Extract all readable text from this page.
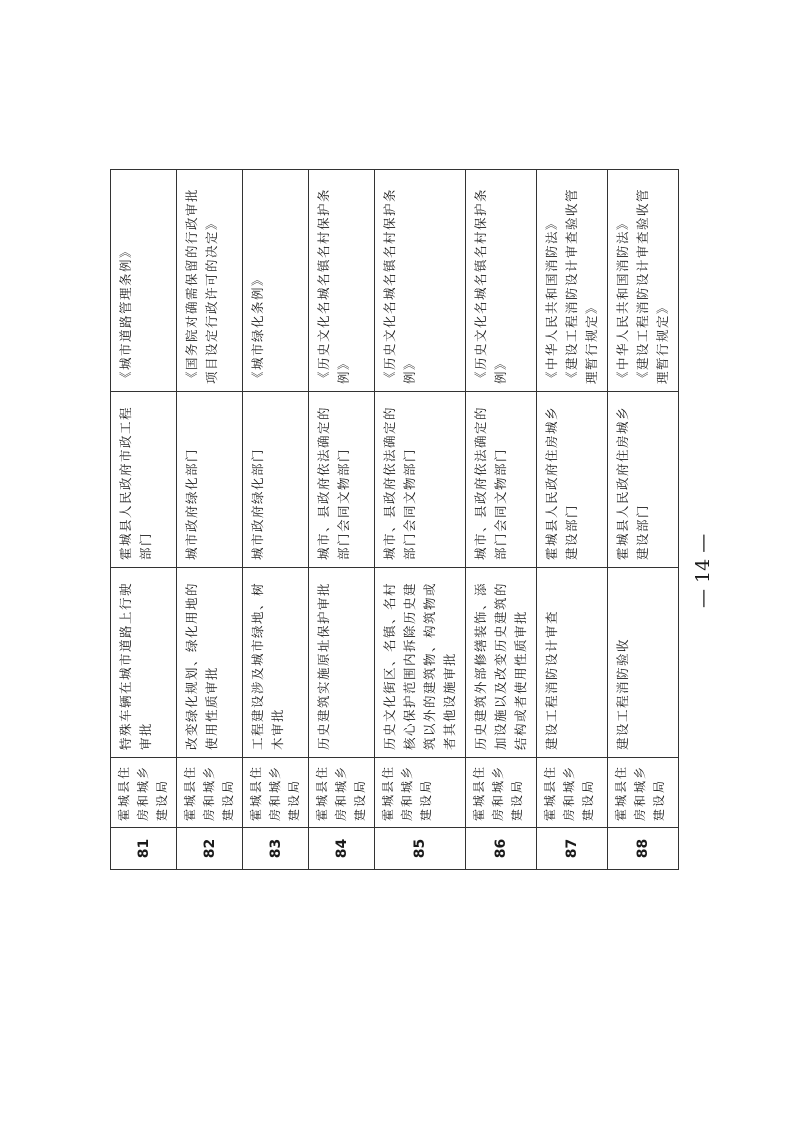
81	霍城县住房和城乡建设局	特殊车辆在城市道路上行驶审批	霍城县人民政府市政工程部门	《城市道路管理条例》
82	霍城县住房和城乡建设局	改变绿化规划、绿化用地的使用性质审批	城市政府绿化部门	《国务院对确需保留的行政审批项目设定行政许可的决定》
83	霍城县住房和城乡建设局	工程建设涉及城市绿地、树木审批	城市政府绿化部门	《城市绿化条例》
84	霍城县住房和城乡建设局	历史建筑实施原址保护审批	城市、县政府依法确定的部门会同文物部门	《历史文化名城名镇名村保护条例》
85	霍城县住房和城乡建设局	历史文化街区、名镇、名村核心保护范围内拆除历史建筑以外的建筑物、构筑物或者其他设施审批	城市、县政府依法确定的部门会同文物部门	《历史文化名城名镇名村保护条例》
86	霍城县住房和城乡建设局	历史建筑外部修缮装饰、添加设施以及改变历史建筑的结构或者使用性质审批	城市、县政府依法确定的部门会同文物部门	《历史文化名城名镇名村保护条例》
87	霍城县住房和城乡建设局	建设工程消防设计审查	霍城县人民政府住房城乡建设部门	《中华人民共和国消防法》
《建设工程消防设计审查验收管理暂行规定》
88	霍城县住房和城乡建设局	建设工程消防验收	霍城县人民政府住房城乡建设部门	《中华人民共和国消防法》
《建设工程消防设计审查验收管理暂行规定》
— 14 —
